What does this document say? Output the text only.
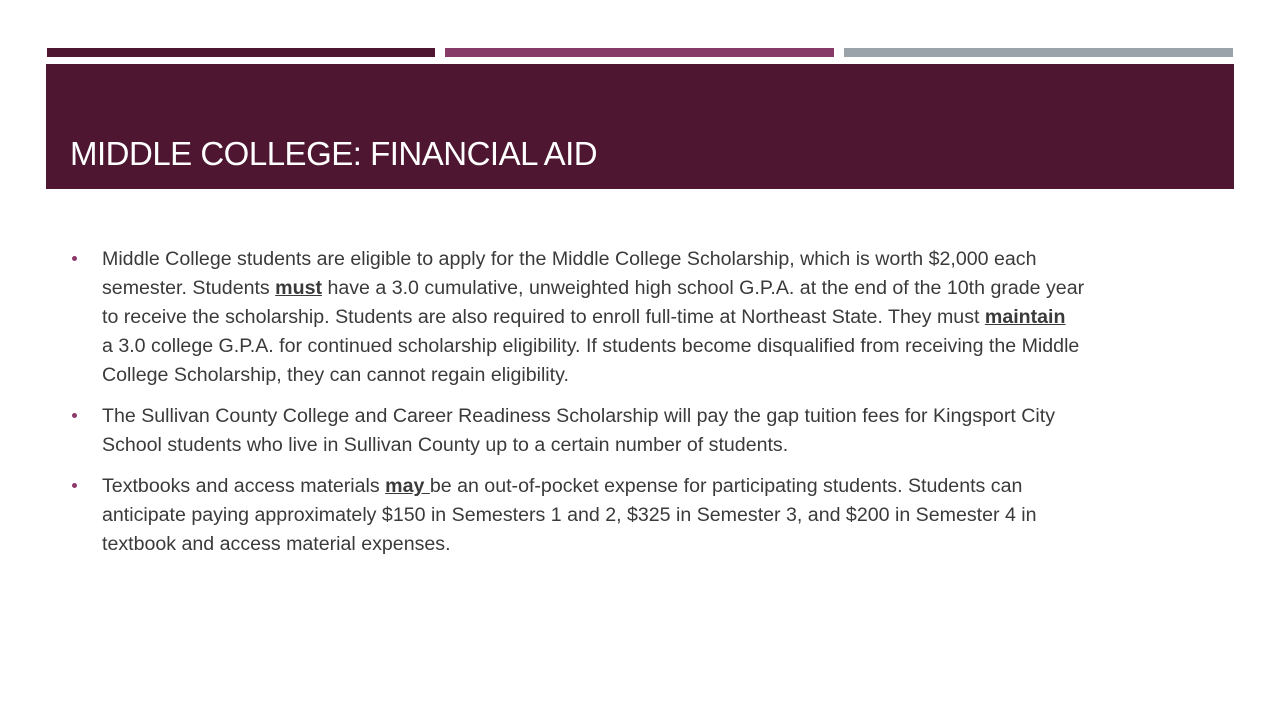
MIDDLE COLLEGE: FINANCIAL AID
Middle College students are eligible to apply for the Middle College Scholarship, which is worth $2,000 each
semester. Students must have a 3.0 cumulative, unweighted high school G.P.A. at the end of the 10th grade year
to receive the scholarship. Students are also required to enroll full-time at Northeast State. They must maintain
a 3.0 college G.P.A. for continued scholarship eligibility. If students become disqualified from receiving the Middle
College Scholarship, they can cannot regain eligibility.
The Sullivan County College and Career Readiness Scholarship will pay the gap tuition fees for Kingsport City
School students who live in Sullivan County up to a certain number of students.
Textbooks and access materials may be an out-of-pocket expense for participating students. Students can
anticipate paying approximately $150 in Semesters 1 and 2, $325 in Semester 3, and $200 in Semester 4 in
textbook and access material expenses.
